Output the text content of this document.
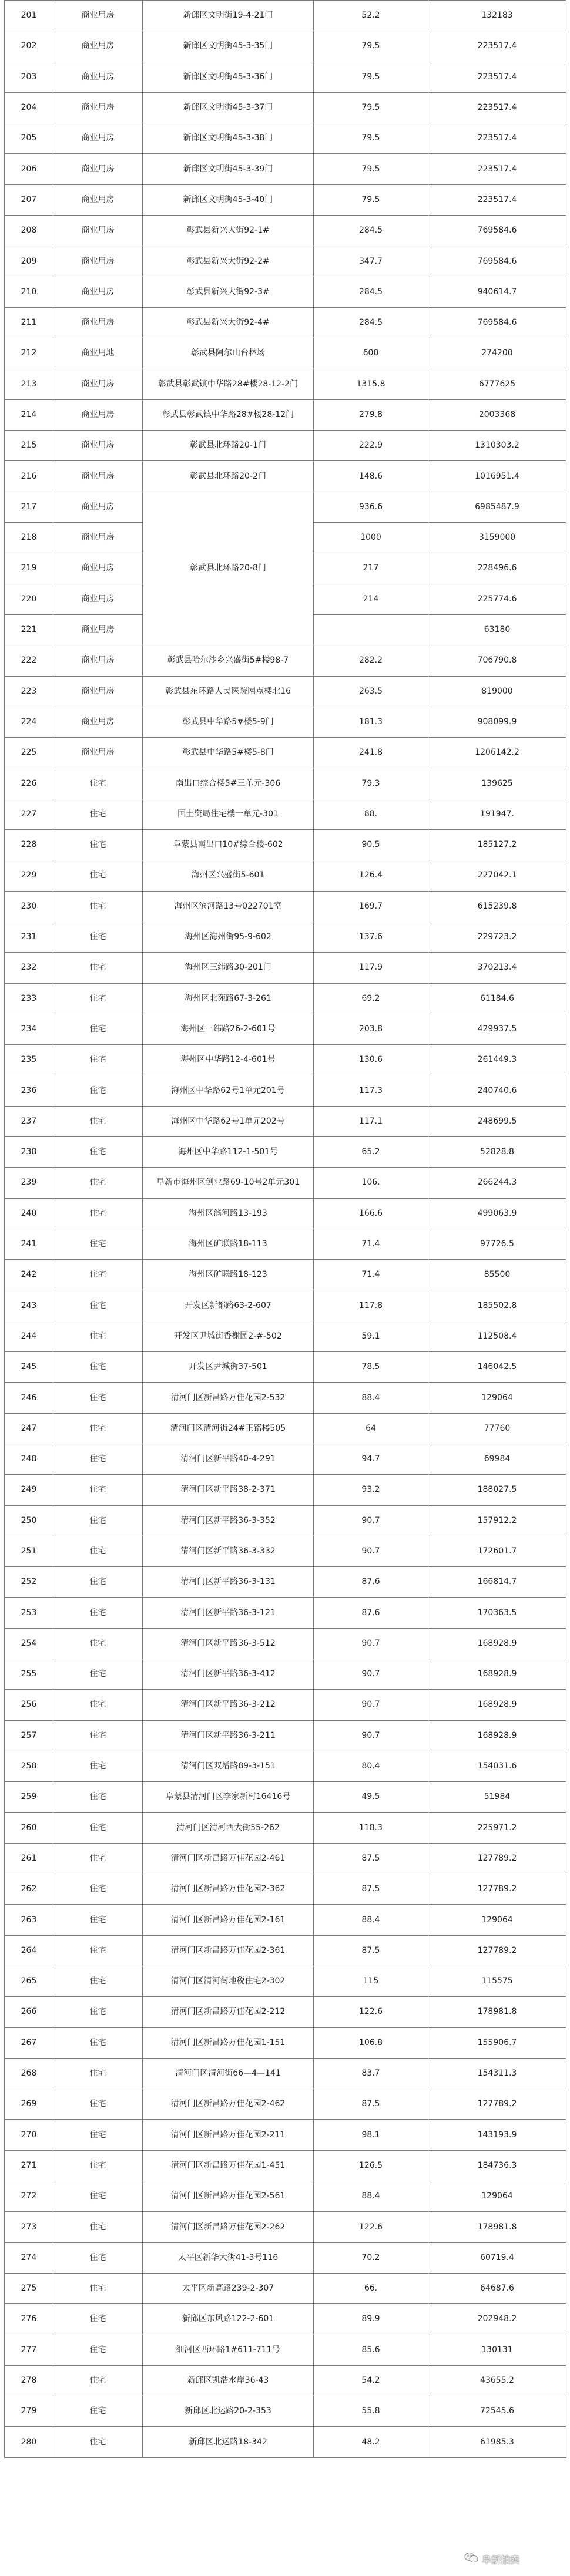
201	商业用房	新邱区文明街19-4-21门	52.2	132183
202	商业用房	新邱区文明街45-3-35门	79.5	223517.4
203	商业用房	新邱区文明街45-3-36门	79.5	223517.4
204	商业用房	新邱区文明街45-3-37门	79.5	223517.4
205	商业用房	新邱区文明街45-3-38门	79.5	223517.4
206	商业用房	新邱区文明街45-3-39门	79.5	223517.4
207	商业用房	新邱区文明街45-3-40门	79.5	223517.4
208	商业用房	彰武县新兴大街92-1#	284.5	769584.6
209	商业用房	彰武县新兴大街92-2#	347.7	769584.6
210	商业用房	彰武县新兴大街92-3#	284.5	940614.7
211	商业用房	彰武县新兴大街92-4#	284.5	769584.6
212	商业用地	彰武县阿尔山台林场	600	274200
213	商业用房	彰武县彰武镇中华路28#楼28-12-2门	1315.8	6777625
214	商业用房	彰武县彰武镇中华路28#楼28-12门	279.8	2003368
215	商业用房	彰武县北环路20-1门	222.9	1310303.2
216	商业用房	彰武县北环路20-2门	148.6	1016951.4
217	商业用房	彰武县北环路20-8门	936.6	6985487.9
218	商业用房		1000	3159000
219	商业用房		217	228496.6
220	商业用房		214	225774.6
221	商业用房			63180
222	商业用房	彰武县哈尔沙乡兴盛街5#楼98-7	282.2	706790.8
223	商业用房	彰武县东环路人民医院网点楼北16	263.5	819000
224	商业用房	彰武县中华路5#楼5-9门	181.3	908099.9
225	商业用房	彰武县中华路5#楼5-8门	241.8	1206142.2
226	住宅	南出口综合楼5#三单元-306	79.3	139625
227	住宅	国土资局住宅楼一单元-301	88.	191947.
228	住宅	阜蒙县南出口10#综合楼-602	90.5	185127.2
229	住宅	海州区兴盛街5-601	126.4	227042.1
230	住宅	海州区滨河路13号022701室	169.7	615239.8
231	住宅	海州区海州街95-9-602	137.6	229723.2
232	住宅	海州区三纬路30-201门	117.9	370213.4
233	住宅	海州区北苑路67-3-261	69.2	61184.6
234	住宅	海州区三纬路26-2-601号	203.8	429937.5
235	住宅	海州区中华路12-4-601号	130.6	261449.3
236	住宅	海州区中华路62号1单元201号	117.3	240740.6
237	住宅	海州区中华路62号1单元202号	117.1	248699.5
238	住宅	海州区中华路112-1-501号	65.2	52828.8
239	住宅	阜新市海州区创业路69-10号2单元301	106.	266244.3
240	住宅	海州区滨河路13-193	166.6	499063.9
241	住宅	海州区矿联路18-113	71.4	97726.5
242	住宅	海州区矿联路18-123	71.4	85500
243	住宅	开发区新都路63-2-607	117.8	185502.8
244	住宅	开发区尹城街香榭园2-#-502	59.1	112508.4
245	住宅	开发区尹城街37-501	78.5	146042.5
246	住宅	清河门区新昌路万佳花园2-532	88.4	129064
247	住宅	清河门区清河街24#正铭楼505	64	77760
248	住宅	清河门区新平路40-4-291	94.7	69984
249	住宅	清河门区新平路38-2-371	93.2	188027.5
250	住宅	清河门区新平路36-3-352	90.7	157912.2
251	住宅	清河门区新平路36-3-332	90.7	172601.7
252	住宅	清河门区新平路36-3-131	87.6	166814.7
253	住宅	清河门区新平路36-3-121	87.6	170363.5
254	住宅	清河门区新平路36-3-512	90.7	168928.9
255	住宅	清河门区新平路36-3-412	90.7	168928.9
256	住宅	清河门区新平路36-3-212	90.7	168928.9
257	住宅	清河门区新平路36-3-211	90.7	168928.9
258	住宅	清河门区双增路89-3-151	80.4	154031.6
259	住宅	阜蒙县清河门区李家新村16416号	49.5	51984
260	住宅	清河门区清河西大街55-262	118.3	225971.2
261	住宅	清河门区新昌路万佳花园2-461	87.5	127789.2
262	住宅	清河门区新昌路万佳花园2-362	87.5	127789.2
263	住宅	清河门区新昌路万佳花园2-161	88.4	129064
264	住宅	清河门区新昌路万佳花园2-361	87.5	127789.2
265	住宅	清河门区清河街地税住宅2-302	115	115575
266	住宅	清河门区新昌路万佳花园2-212	122.6	178981.8
267	住宅	清河门区新昌路万佳花园1-151	106.8	155906.7
268	住宅	清河门区清河街66—4—141	83.7	154311.3
269	住宅	清河门区新昌路万佳花园2-462	87.5	127789.2
270	住宅	清河门区新昌路万佳花园2-211	98.1	143193.9
271	住宅	清河门区新昌路万佳花园1-451	126.5	184736.3
272	住宅	清河门区新昌路万佳花园2-561	88.4	129064
273	住宅	清河门区新昌路万佳花园2-262	122.6	178981.8
274	住宅	太平区新华大街41-3号116	70.2	60719.4
275	住宅	太平区新高路239-2-307	66.	64687.6
276	住宅	新邱区东风路122-2-601	89.9	202948.2
277	住宅	细河区西环路1#611-711号	85.6	130131
278	住宅	新邱区凯浩水岸36-43	54.2	43655.2
279	住宅	新邱区北运路20-2-353	55.8	72545.6
280	住宅	新邱区北运路18-342	48.2	61985.3
阜新拍卖
